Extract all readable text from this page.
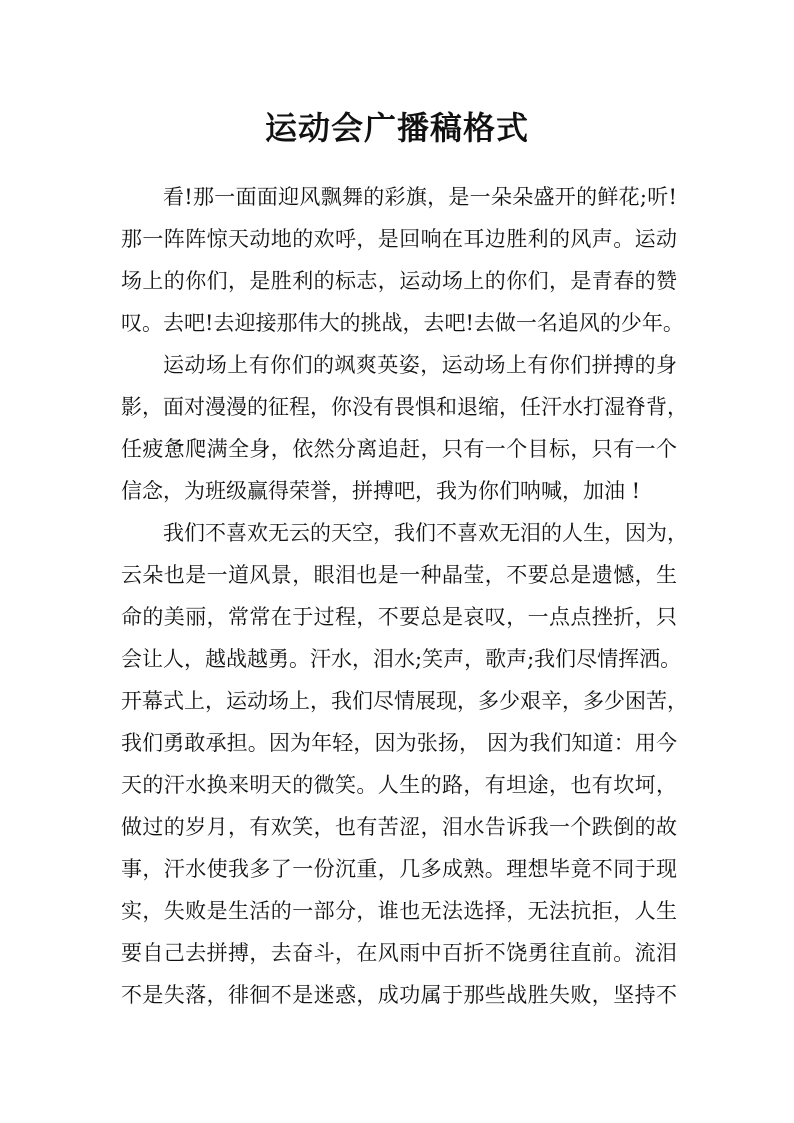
运动会广播稿格式
看!那一面面迎风飘舞的彩旗，是一朵朵盛开的鲜花;听!
那一阵阵惊天动地的欢呼，是回响在耳边胜利的风声。运动
场上的你们，是胜利的标志，运动场上的你们，是青春的赞
叹。去吧!去迎接那伟大的挑战，去吧!去做一名追风的少年。
运动场上有你们的飒爽英姿，运动场上有你们拼搏的身
影，面对漫漫的征程，你没有畏惧和退缩，任汗水打湿脊背，
任疲惫爬满全身，依然分离追赶，只有一个目标，只有一个
信念，为班级赢得荣誉，拼搏吧，我为你们呐喊，加油 !
我们不喜欢无云的天空，我们不喜欢无泪的人生，因为，
云朵也是一道风景，眼泪也是一种晶莹，不要总是遗憾，生
命的美丽，常常在于过程，不要总是哀叹，一点点挫折，只
会让人，越战越勇。汗水，泪水;笑声，歌声;我们尽情挥洒。
开幕式上，运动场上，我们尽情展现，多少艰辛，多少困苦，
我们勇敢承担。因为年轻，因为张扬， 因为我们知道：用今
天的汗水换来明天的微笑。人生的路，有坦途，也有坎坷，
做过的岁月，有欢笑，也有苦涩，泪水告诉我一个跌倒的故
事，汗水使我多了一份沉重，几多成熟。理想毕竟不同于现
实，失败是生活的一部分，谁也无法选择，无法抗拒，人生
要自己去拼搏，去奋斗，在风雨中百折不饶勇往直前。流泪
不是失落，徘徊不是迷惑，成功属于那些战胜失败，坚持不
